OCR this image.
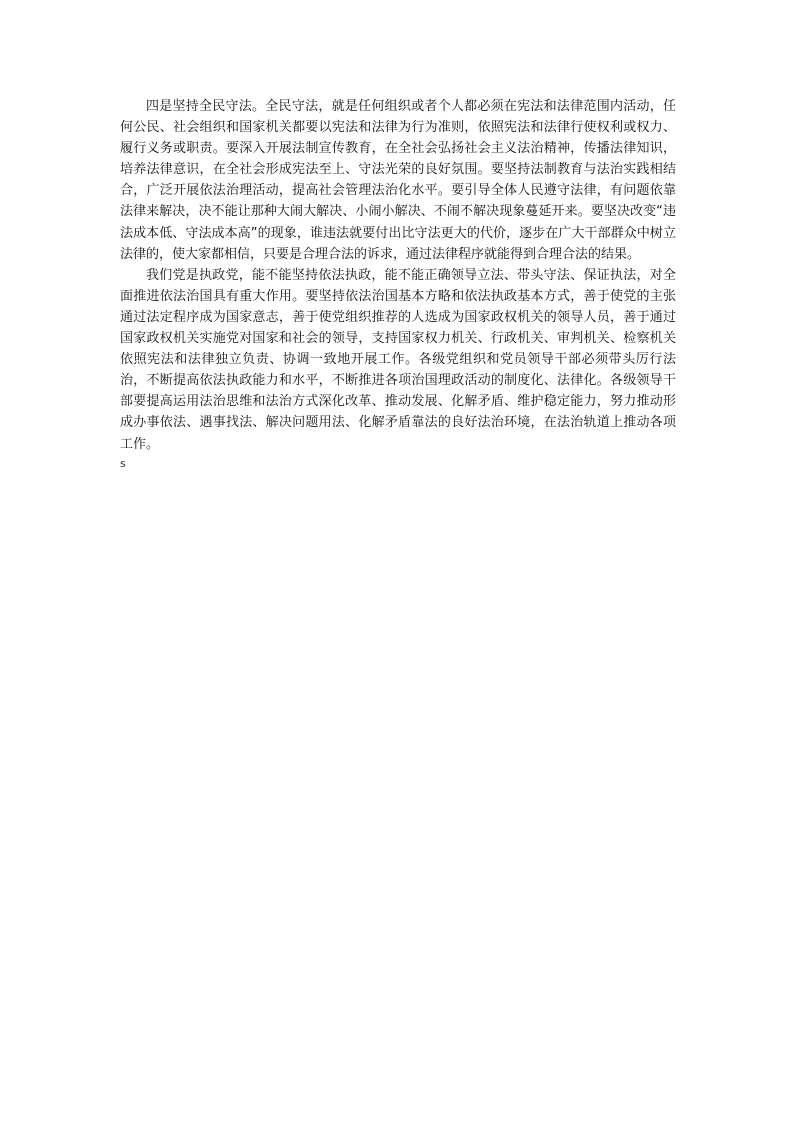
四是坚持全民守法。全民守法，就是任何组织或者个人都必须在宪法和法律范围内活动，任何公民、社会组织和国家机关都要以宪法和法律为行为准则，依照宪法和法律行使权利或权力、履行义务或职责。要深入开展法制宣传教育，在全社会弘扬社会主义法治精神，传播法律知识，培养法律意识，在全社会形成宪法至上、守法光荣的良好氛围。要坚持法制教育与法治实践相结合，广泛开展依法治理活动，提高社会管理法治化水平。要引导全体人民遵守法律，有问题依靠法律来解决，决不能让那种大闹大解决、小闹小解决、不闹不解决现象蔓延开来。要坚决改变“违法成本低、守法成本高”的现象，谁违法就要付出比守法更大的代价，逐步在广大干部群众中树立法律的，使大家都相信，只要是合理合法的诉求，通过法律程序就能得到合理合法的结果。

我们党是执政党，能不能坚持依法执政，能不能正确领导立法、带头守法、保证执法，对全面推进依法治国具有重大作用。要坚持依法治国基本方略和依法执政基本方式，善于使党的主张通过法定程序成为国家意志，善于使党组织推荐的人选成为国家政权机关的领导人员，善于通过国家政权机关实施党对国家和社会的领导，支持国家权力机关、行政机关、审判机关、检察机关依照宪法和法律独立负责、协调一致地开展工作。各级党组织和党员领导干部必须带头厉行法治，不断提高依法执政能力和水平，不断推进各项治国理政活动的制度化、法律化。各级领导干部要提高运用法治思维和法治方式深化改革、推动发展、化解矛盾、维护稳定能力，努力推动形成办事依法、遇事找法、解决问题用法、化解矛盾靠法的良好法治环境，在法治轨道上推动各项工作。

s
